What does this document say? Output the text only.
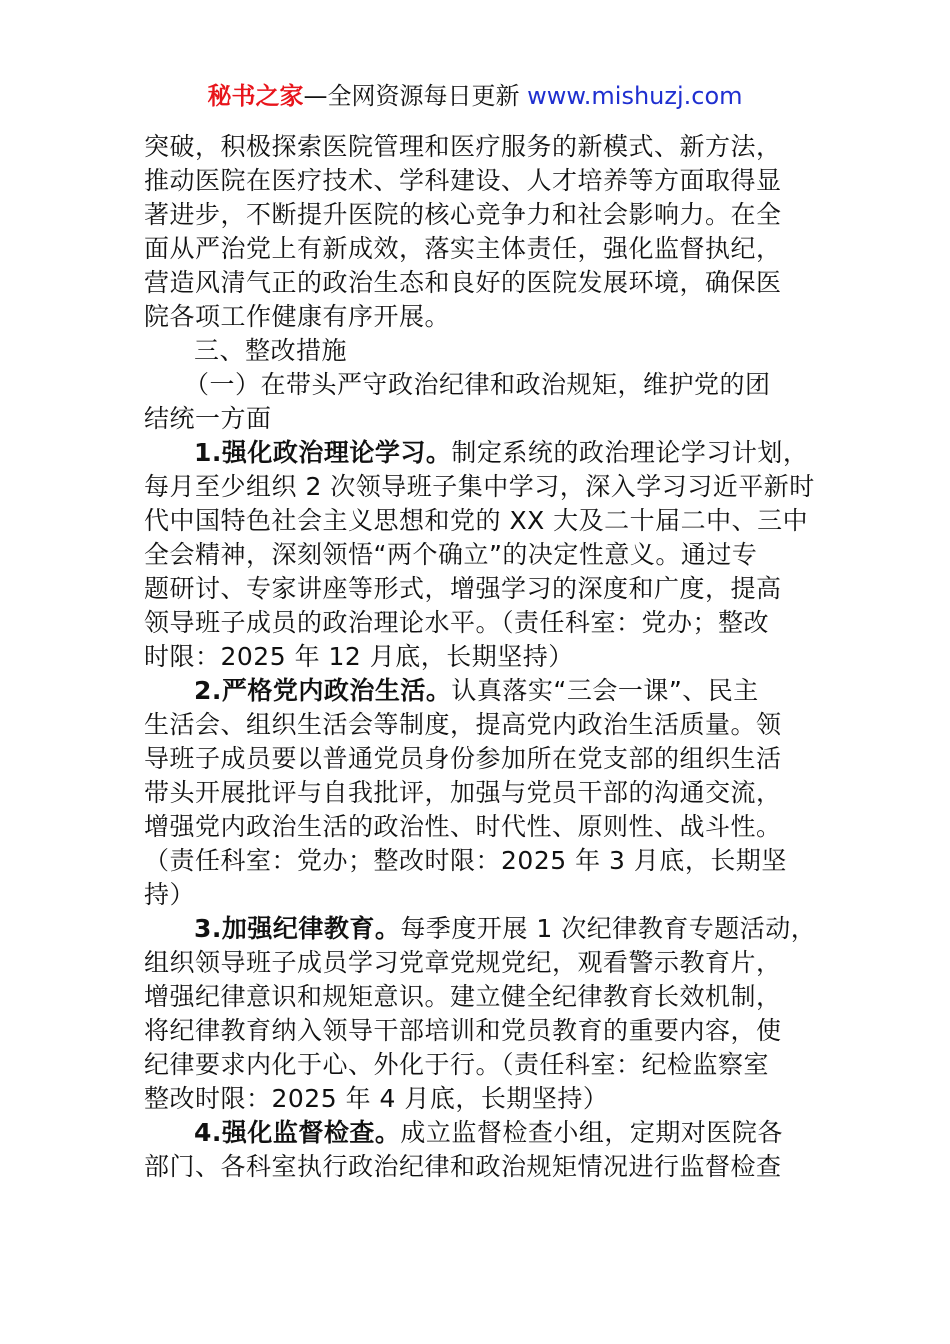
秘书之家—全网资源每日更新 www.mishuzj.com
突破，积极探索医院管理和医疗服务的新模式、新方法，
推动医院在医疗技术、学科建设、人才培养等方面取得显
著进步，不断提升医院的核心竞争力和社会影响力。在全
面从严治党上有新成效，落实主体责任，强化监督执纪，
营造风清气正的政治生态和良好的医院发展环境，确保医
院各项工作健康有序开展。
三、整改措施
（一）在带头严守政治纪律和政治规矩，维护党的团
结统一方面
1.强化政治理论学习。制定系统的政治理论学习计划，
每月至少组织 2 次领导班子集中学习，深入学习习近平新时
代中国特色社会主义思想和党的 XX 大及二十届二中、三中
全会精神，深刻领悟“两个确立”的决定性意义。通过专
题研讨、专家讲座等形式，增强学习的深度和广度，提高
领导班子成员的政治理论水平。（责任科室：党办；整改
时限：2025 年 12 月底，长期坚持）
2.严格党内政治生活。认真落实“三会一课”、民主
生活会、组织生活会等制度，提高党内政治生活质量。领
导班子成员要以普通党员身份参加所在党支部的组织生活
带头开展批评与自我批评，加强与党员干部的沟通交流，
增强党内政治生活的政治性、时代性、原则性、战斗性。
（责任科室：党办；整改时限：2025 年 3 月底，长期坚
持）
3.加强纪律教育。每季度开展 1 次纪律教育专题活动，
组织领导班子成员学习党章党规党纪，观看警示教育片，
增强纪律意识和规矩意识。建立健全纪律教育长效机制，
将纪律教育纳入领导干部培训和党员教育的重要内容，使
纪律要求内化于心、外化于行。（责任科室：纪检监察室
整改时限：2025 年 4 月底，长期坚持）
4.强化监督检查。成立监督检查小组，定期对医院各
部门、各科室执行政治纪律和政治规矩情况进行监督检查
